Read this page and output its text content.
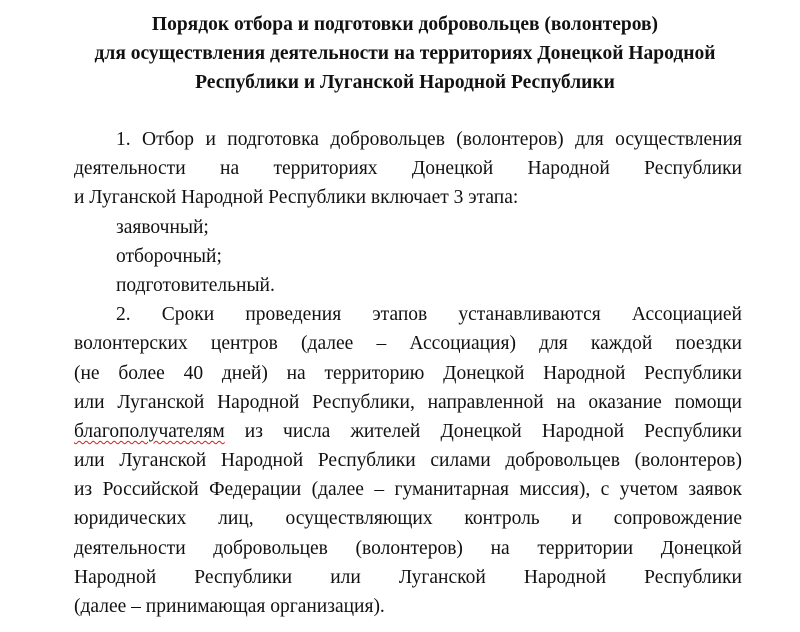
Порядок отбора и подготовки добровольцев (волонтеров)
для осуществления деятельности на территориях Донецкой Народной
Республики и Луганской Народной Республики
1. Отбор и подготовка добровольцев (волонтеров) для осуществления
деятельности на территориях Донецкой Народной Республики
и Луганской Народной Республики включает 3 этапа:
заявочный;
отборочный;
подготовительный.
2. Сроки проведения этапов устанавливаются Ассоциацией
волонтерских центров (далее – Ассоциация) для каждой поездки
(не более 40 дней) на территорию Донецкой Народной Республики
или Луганской Народной Республики, направленной на оказание помощи
благополучателям из числа жителей Донецкой Народной Республики
или Луганской Народной Республики силами добровольцев (волонтеров)
из Российской Федерации (далее – гуманитарная миссия), с учетом заявок
юридических лиц, осуществляющих контроль и сопровождение
деятельности добровольцев (волонтеров) на территории Донецкой
Народной Республики или Луганской Народной Республики
(далее – принимающая организация).
